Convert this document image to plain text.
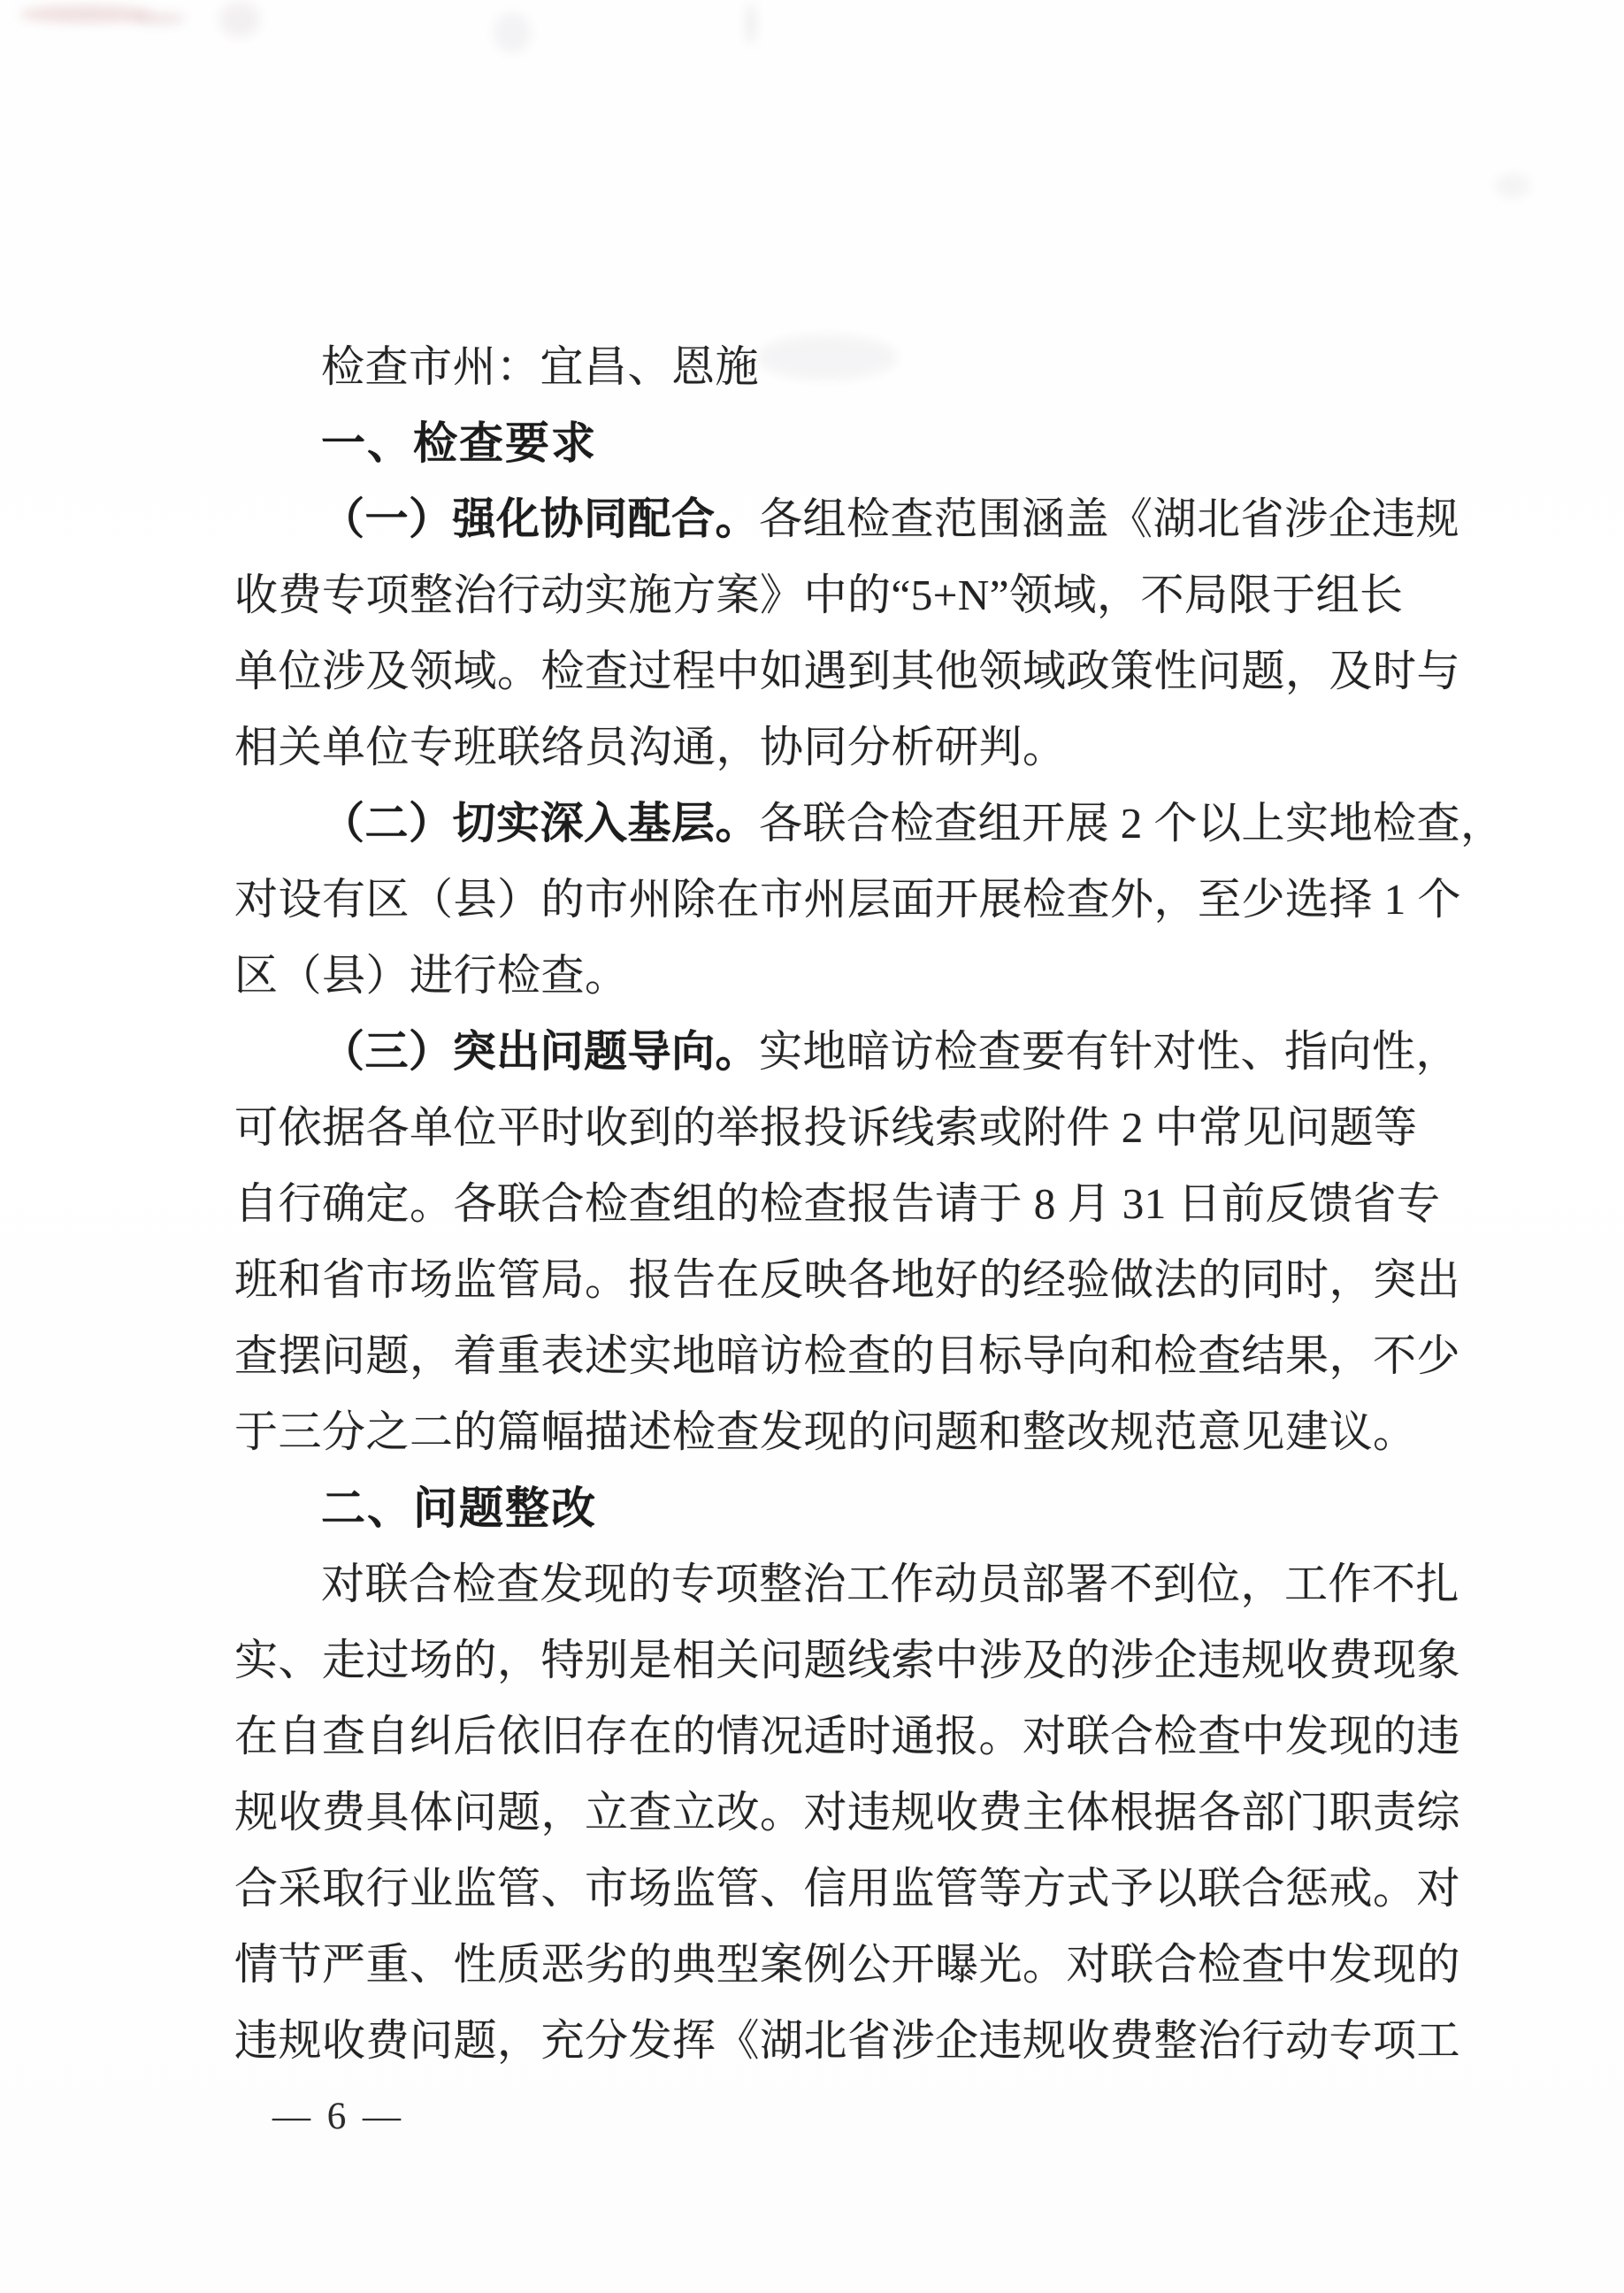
检查市州：宜昌、恩施
一、检查要求
（一）强化协同配合。各组检查范围涵盖《湖北省涉企违规
收费专项整治行动实施方案》中的“5+N”领域，不局限于组长
单位涉及领域。检查过程中如遇到其他领域政策性问题，及时与
相关单位专班联络员沟通，协同分析研判。
（二）切实深入基层。各联合检查组开展 2 个以上实地检查，
对设有区（县）的市州除在市州层面开展检查外，至少选择 1 个
区（县）进行检查。
（三）突出问题导向。实地暗访检查要有针对性、指向性，
可依据各单位平时收到的举报投诉线索或附件 2 中常见问题等
自行确定。各联合检查组的检查报告请于 8 月 31 日前反馈省专
班和省市场监管局。报告在反映各地好的经验做法的同时，突出
查摆问题，着重表述实地暗访检查的目标导向和检查结果，不少
于三分之二的篇幅描述检查发现的问题和整改规范意见建议。
二、问题整改
对联合检查发现的专项整治工作动员部署不到位，工作不扎
实、走过场的，特别是相关问题线索中涉及的涉企违规收费现象
在自查自纠后依旧存在的情况适时通报。对联合检查中发现的违
规收费具体问题，立查立改。对违规收费主体根据各部门职责综
合采取行业监管、市场监管、信用监管等方式予以联合惩戒。对
情节严重、性质恶劣的典型案例公开曝光。对联合检查中发现的
违规收费问题，充分发挥《湖北省涉企违规收费整治行动专项工
— 6 —
